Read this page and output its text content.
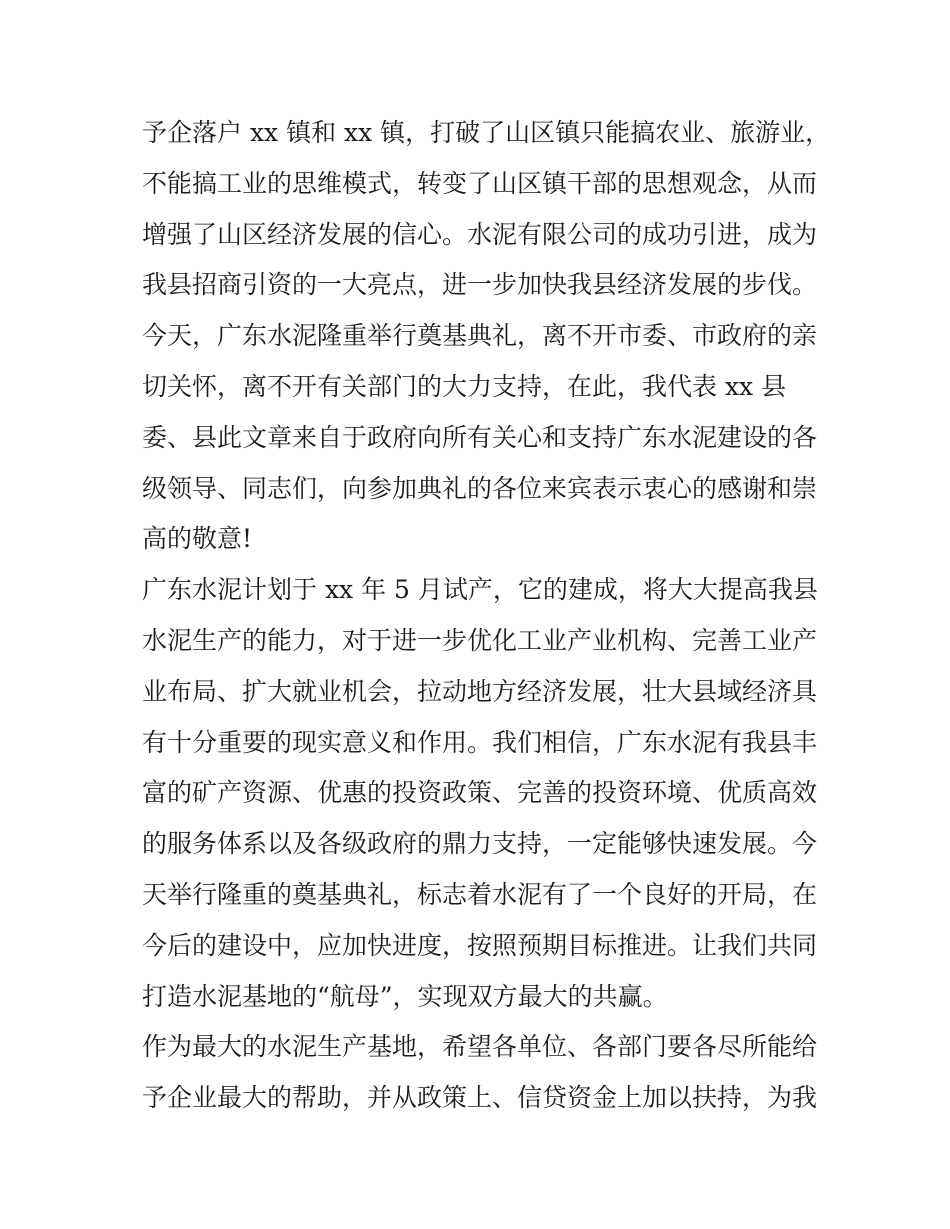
予企落户 xx 镇和 xx 镇，打破了山区镇只能搞农业、旅游业，
不能搞工业的思维模式，转变了山区镇干部的思想观念，从而
增强了山区经济发展的信心。水泥有限公司的成功引进，成为
我县招商引资的一大亮点，进一步加快我县经济发展的步伐。
今天，广东水泥隆重举行奠基典礼，离不开市委、市政府的亲
切关怀，离不开有关部门的大力支持，在此，我代表 xx 县
委、县此文章来自于政府向所有关心和支持广东水泥建设的各
级领导、同志们，向参加典礼的各位来宾表示衷心的感谢和崇
高的敬意!
广东水泥计划于 xx 年 5 月试产，它的建成，将大大提高我县
水泥生产的能力，对于进一步优化工业产业机构、完善工业产
业布局、扩大就业机会，拉动地方经济发展，壮大县域经济具
有十分重要的现实意义和作用。我们相信，广东水泥有我县丰
富的矿产资源、优惠的投资政策、完善的投资环境、优质高效
的服务体系以及各级政府的鼎力支持，一定能够快速发展。今
天举行隆重的奠基典礼，标志着水泥有了一个良好的开局，在
今后的建设中，应加快进度，按照预期目标推进。让我们共同
打造水泥基地的“航母”，实现双方最大的共赢。
作为最大的水泥生产基地，希望各单位、各部门要各尽所能给
予企业最大的帮助，并从政策上、信贷资金上加以扶持，为我
